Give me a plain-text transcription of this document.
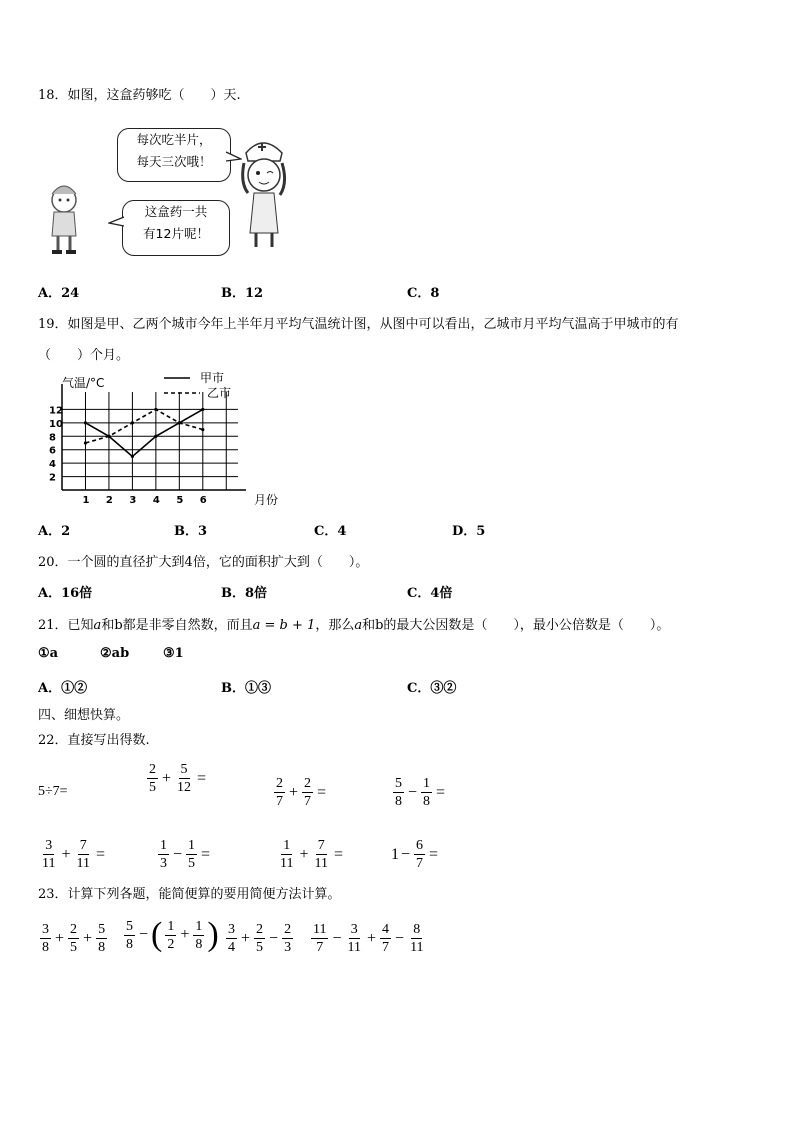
18．如图，这盒药够吃（　　）天.
每次吃半片，
每天三次哦！
这盒药一共
有12片呢！
A．24	B．12	C．8
19．如图是甲、乙两个城市今年上半年月平均气温统计图，从图中可以看出，乙城市月平均气温高于甲城市的有
（　　）个月。
气温/°C
月份
甲市
乙市
2
4
6
8
10
12
1 2 3 4 5 6
A．2	B．3	C．4	D．5
20．一个圆的直径扩大到4倍，它的面积扩大到（　　）。
A．16倍	B．8倍	C．4倍
21．已知a和b都是非零自然数，而且a = b + 1，那么a和b的最大公因数是（　　），最小公倍数是（　　）。
①a	②ab	③1
A．①②	B．①③	C．③②
四、细想快算。
22．直接写出得数.
5÷7=	$\frac{2}{5} + \frac{5}{12}$ =	$\frac{2}{7} + \frac{2}{7}$ =	$\frac{5}{8} - \frac{1}{8}$ =
$\frac{3}{11} + \frac{7}{11}$ =	$\frac{1}{3} - \frac{1}{5}$ =	$\frac{1}{11} + \frac{7}{11}$ =	$1 - \frac{6}{7}$ =
23．计算下列各题，能简便算的要用简便方法计算。
$\frac{3}{8} + \frac{2}{5} + \frac{5}{8} \frac{5}{8}$ − ( $\frac{1}{2} + \frac{1}{8}$ ) $\frac{3}{4} + \frac{2}{5} - \frac{2}{3} \frac{11}{7} - \frac{3}{11} + \frac{4}{7} - \frac{8}{11}$
